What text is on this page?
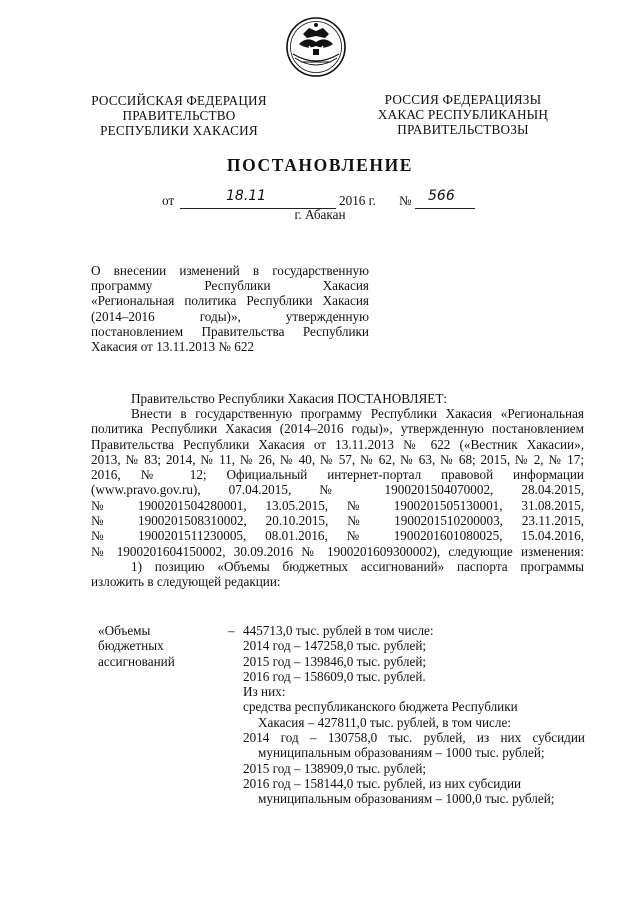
РОССИЙСКАЯ ФЕДЕРАЦИЯ
ПРАВИТЕЛЬСТВО
РЕСПУБЛИКИ ХАКАСИЯ
РОССИЯ ФЕДЕРАЦИЯЗЫ
ХАКАС РЕСПУБЛИКАНЫҢ
ПРАВИТЕЛЬСТВОЗЫ
ПОСТАНОВЛЕНИЕ
от	18.11	2016 г. № 566
г. Абакан
О внесении изменений в государственную
программу Республики Хакасия
«Региональная политика Республики Хакасия
(2014–2016 годы)», утвержденную
постановлением Правительства Республики
Хакасия от 13.11.2013 № 622
Правительство Республики Хакасия ПОСТАНОВЛЯЕТ:
Внести в государственную программу Республики Хакасия «Региональная
политика Республики Хакасия (2014–2016 годы)», утвержденную постановлением
Правительства Республики Хакасия от 13.11.2013 № 622 («Вестник Хакасии»,
2013, № 83; 2014, № 11, № 26, № 40, № 57, № 62, № 63, № 68; 2015, № 2, № 17;
2016, № 12; Официальный интернет-портал правовой информации
(www.pravo.gov.ru), 07.04.2015, № 1900201504070002, 28.04.2015,
№ 1900201504280001, 13.05.2015, № 1900201505130001, 31.08.2015,
№ 1900201508310002, 20.10.2015, № 1900201510200003, 23.11.2015,
№ 1900201511230005, 08.01.2016, № 1900201601080025, 15.04.2016,
№ 1900201604150002, 30.09.2016 № 1900201609300002), следующие изменения:
1) позицию «Объемы бюджетных ассигнований» паспорта программы
изложить в следующей редакции:
«Объемы
бюджетных
ассигнований
– 445713,0 тыс. рублей в том числе:
2014 год – 147258,0 тыс. рублей;
2015 год – 139846,0 тыс. рублей;
2016 год – 158609,0 тыс. рублей.
Из них:
средства республиканского бюджета Республики
Хакасия – 427811,0 тыс. рублей, в том числе:
2014 год – 130758,0 тыс. рублей, из них субсидии
муниципальным образованиям – 1000 тыс. рублей;
2015 год – 138909,0 тыс. рублей;
2016 год – 158144,0 тыс. рублей, из них субсидии
муниципальным образованиям – 1000,0 тыс. рублей;
